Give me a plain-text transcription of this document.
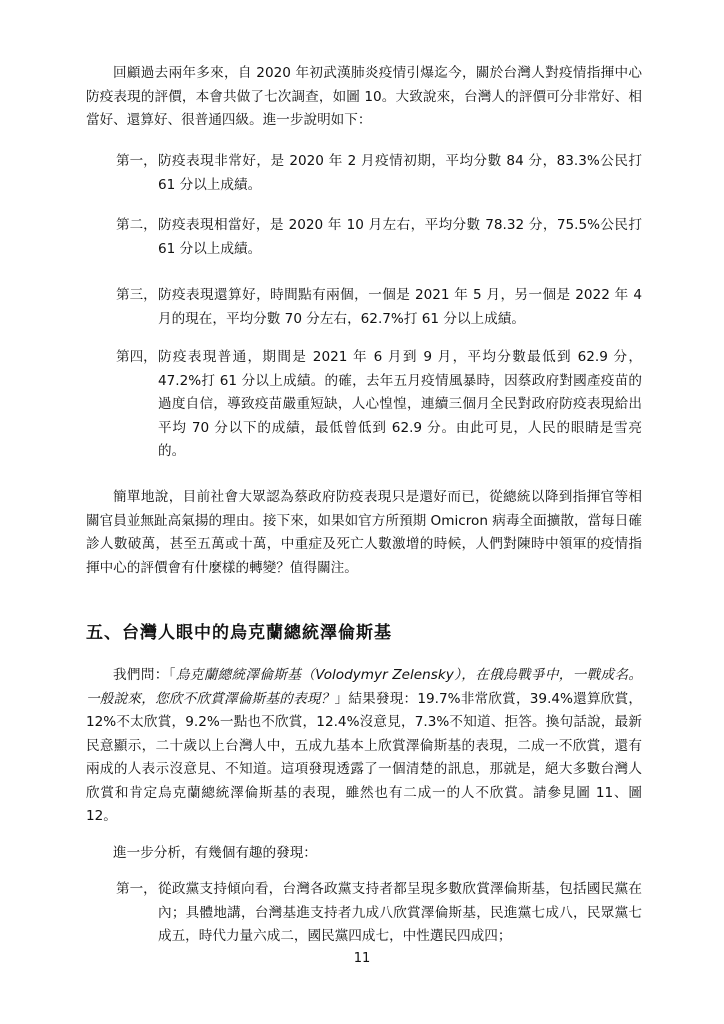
回顧過去兩年多來，自 2020 年初武漢肺炎疫情引爆迄今，關於台灣人對疫情指揮中心防疫表現的評價，本會共做了七次調查，如圖 10。大致說來，台灣人的評價可分非常好、相當好、還算好、很普通四級。進一步說明如下：

第一， 防疫表現非常好，是 2020 年 2 月疫情初期，平均分數 84 分，83.3%公民打 61 分以上成績。
第二， 防疫表現相當好，是 2020 年 10 月左右，平均分數 78.32 分，75.5%公民打 61 分以上成績。
第三， 防疫表現還算好，時間點有兩個，一個是 2021 年 5 月，另一個是 2022 年 4 月的現在，平均分數 70 分左右，62.7%打 61 分以上成績。
第四， 防疫表現普通，期間是 2021 年 6 月到 9 月，平均分數最低到 62.9 分，47.2%打 61 分以上成績。的確，去年五月疫情風暴時，因蔡政府對國產疫苗的過度自信，導致疫苗嚴重短缺，人心惶惶，連續三個月全民對政府防疫表現給出平均 70 分以下的成績，最低曾低到 62.9 分。由此可見，人民的眼睛是雪亮的。

簡單地說，目前社會大眾認為蔡政府防疫表現只是還好而已，從總統以降到指揮官等相關官員並無趾高氣揚的理由。接下來，如果如官方所預期 Omicron 病毒全面擴散，當每日確診人數破萬，甚至五萬或十萬，中重症及死亡人數激增的時候，人們對陳時中領軍的疫情指揮中心的評價會有什麼樣的轉變？值得關注。

五、台灣人眼中的烏克蘭總統澤倫斯基

我們問：「烏克蘭總統澤倫斯基（Volodymyr Zelensky），在俄烏戰爭中，一戰成名。一般說來，您欣不欣賞澤倫斯基的表現？」結果發現：19.7%非常欣賞，39.4%還算欣賞，12%不太欣賞，9.2%一點也不欣賞，12.4%沒意見，7.3%不知道、拒答。換句話說，最新民意顯示，二十歲以上台灣人中，五成九基本上欣賞澤倫斯基的表現，二成一不欣賞，還有兩成的人表示沒意見、不知道。這項發現透露了一個清楚的訊息，那就是，絕大多數台灣人欣賞和肯定烏克蘭總統澤倫斯基的表現，雖然也有二成一的人不欣賞。請參見圖 11、圖 12。

進一步分析，有幾個有趣的發現：

第一， 從政黨支持傾向看，台灣各政黨支持者都呈現多數欣賞澤倫斯基，包括國民黨在內；具體地講，台灣基進支持者九成八欣賞澤倫斯基，民進黨七成八，民眾黨七成五，時代力量六成二，國民黨四成七，中性選民四成四；
11
